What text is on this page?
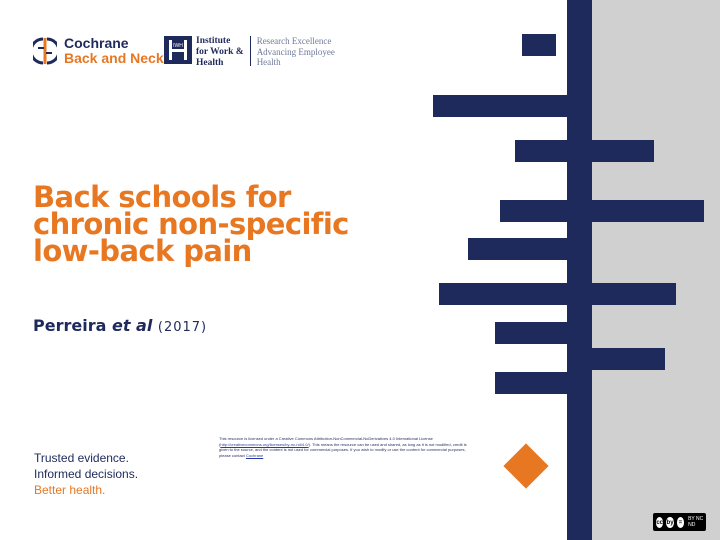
Cochrane
Back and Neck
IWH Institute
for Work &
Health
Research Excellence
Advancing Employee
Health
Back schools for
chronic non-specific
low-back pain
Perreira et al (2017)
Trusted evidence.
Informed decisions.
Better health.
This resource is licensed under a Creative Commons Attribution-NonCommercial-NoDerivatives 4.0 International License (http://creativecommons.org/licenses/by-nc-nd/4.0/). This means the resource can be used and shared, as long as it is not modified, credit is given to the source, and the content is not used for commercial purposes. If you wish to modify or use the content for commercial purposes, please contact Cochrane
cc by =
BY NC ND
